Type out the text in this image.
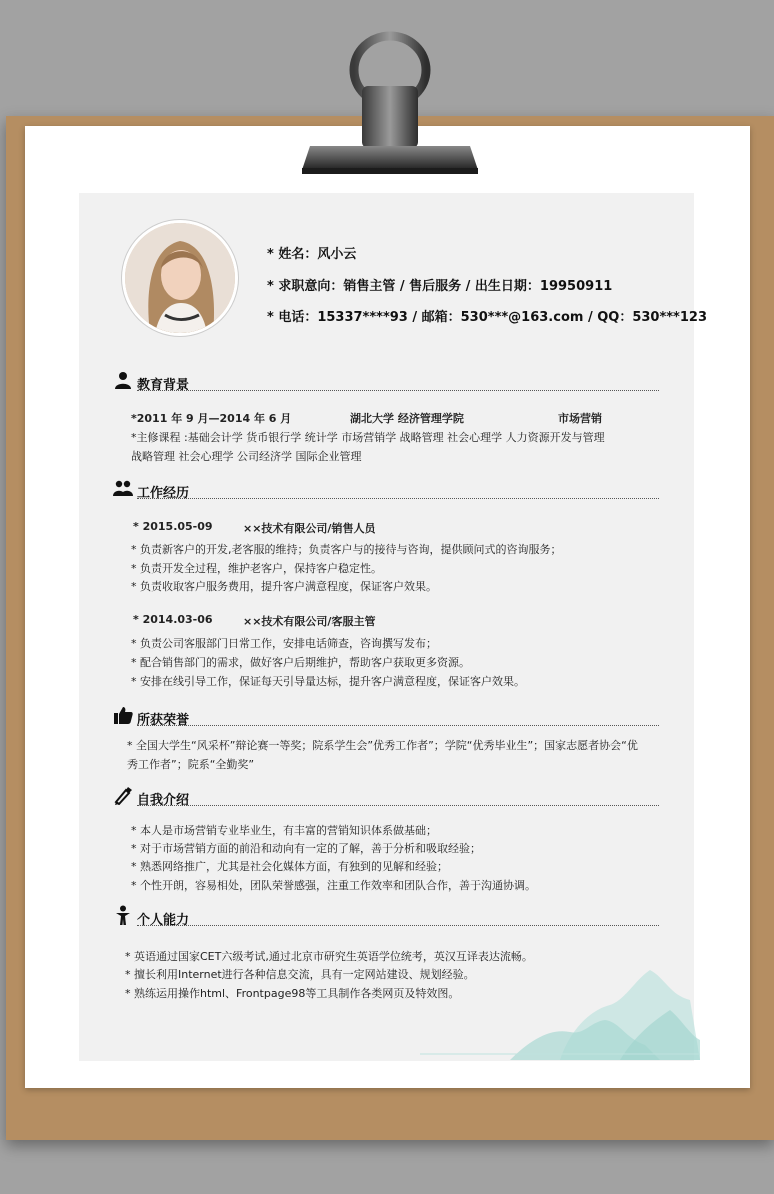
* 姓名：风小云
* 求职意向：销售主管 / 售后服务 / 出生日期：19950911
* 电话：15337****93 / 邮箱：530***@163.com / QQ：530***123
教育背景
*2011 年 9 月—2014 年 6 月	湖北大学 经济管理学院	市场营销
*主修课程 :基础会计学 货币银行学 统计学 市场营销学 战略管理 社会心理学 人力资源开发与管理
战略管理 社会心理学 公司经济学 国际企业管理
工作经历
* 2015.05-09	××技术有限公司/销售人员
* 负责新客户的开发,老客服的维持；负责客户与的接待与咨询，提供顾问式的咨询服务；
* 负责开发全过程，维护老客户，保持客户稳定性。
* 负责收取客户服务费用，提升客户满意程度，保证客户效果。
* 2014.03-06	××技术有限公司/客服主管
* 负责公司客服部门日常工作，安排电话筛查，咨询撰写发布；
* 配合销售部门的需求，做好客户后期维护，帮助客户获取更多资源。
* 安排在线引导工作，保证每天引导量达标，提升客户满意程度，保证客户效果。
所获荣誉
* 全国大学生“风采杯”辩论赛一等奖；院系学生会”优秀工作者”；学院“优秀毕业生”；国家志愿者协会“优
秀工作者”；院系“全勤奖”
自我介绍
* 本人是市场营销专业毕业生，有丰富的营销知识体系做基础；
* 对于市场营销方面的前沿和动向有一定的了解，善于分析和吸取经验；
* 熟悉网络推广，尤其是社会化媒体方面，有独到的见解和经验；
* 个性开朗，容易相处，团队荣誉感强，注重工作效率和团队合作，善于沟通协调。
个人能力
* 英语通过国家CET六级考试,通过北京市研究生英语学位统考，英汉互译表达流畅。
* 擅长利用Internet进行各种信息交流，具有一定网站建设、规划经验。
* 熟练运用操作html、Frontpage98等工具制作各类网页及特效图。
